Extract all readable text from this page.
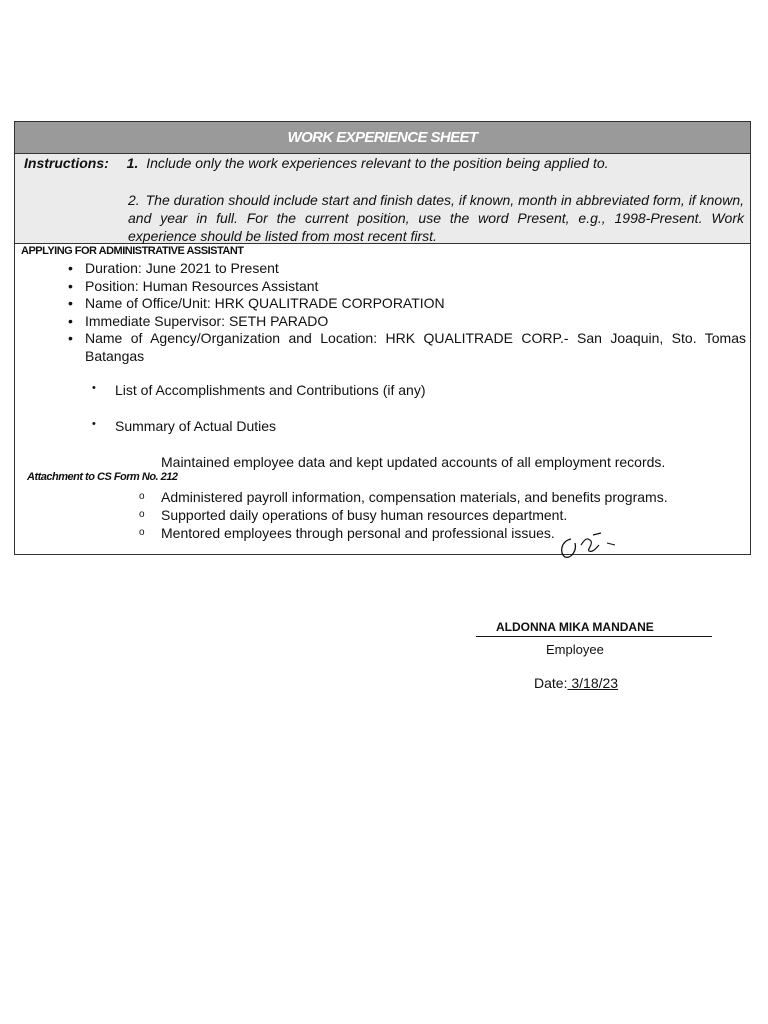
WORK EXPERIENCE SHEET
Instructions: 1. Include only the work experiences relevant to the position being applied to.
2. The duration should include start and finish dates, if known, month in abbreviated form, if known, and year in full. For the current position, use the word Present, e.g., 1998-Present. Work experience should be listed from most recent first.
APPLYING FOR ADMINISTRATIVE ASSISTANT
• Duration: June 2021 to Present
• Position: Human Resources Assistant
• Name of Office/Unit: HRK QUALITRADE CORPORATION
• Immediate Supervisor: SETH PARADO
• Name of Agency/Organization and Location: HRK QUALITRADE CORP.- San Joaquin, Sto. Tomas Batangas
• List of Accomplishments and Contributions (if any)
• Summary of Actual Duties
o Maintained employee data and kept updated accounts of all employment records.
Attachment to CS Form No. 212
o Administered payroll information, compensation materials, and benefits programs.
o Supported daily operations of busy human resources department.
o Mentored employees through personal and professional issues.
ALDONNA MIKA MANDANE
Employee
Date: 3/18/23
